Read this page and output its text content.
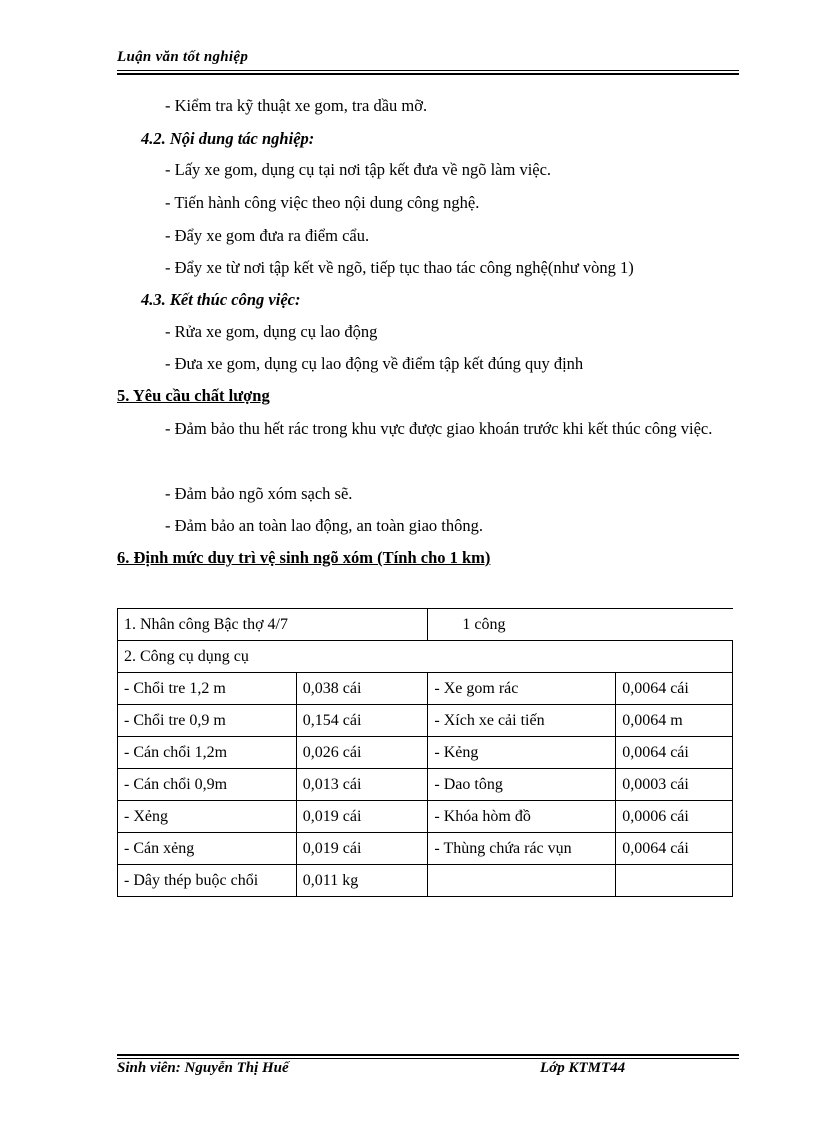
Luận văn tốt nghiệp
- Kiểm tra kỹ thuật xe gom, tra dầu mỡ.
4.2. Nội dung tác nghiệp:
- Lấy xe gom, dụng cụ tại nơi tập kết đưa về ngõ làm việc.
- Tiến hành công việc theo nội dung công nghệ.
- Đẩy xe gom đưa ra điểm cẩu.
- Đẩy xe từ nơi tập kết về ngõ, tiếp tục thao tác công nghệ(như vòng 1)
4.3. Kết thúc công việc:
- Rửa xe gom, dụng cụ lao động
- Đưa xe gom, dụng cụ lao động về điểm tập kết đúng quy định
5. Yêu cầu chất lượng
- Đảm bảo thu hết rác trong khu vực được giao khoán trước khi kết thúc công việc.
- Đảm bảo ngõ xóm sạch sẽ.
- Đảm bảo an toàn lao động, an toàn giao thông.
6. Định mức duy trì vệ sinh ngõ xóm (Tính cho 1 km)
1. Nhân công Bậc thợ 4/7		1 công	
2. Công cụ dụng cụ			
- Chổi tre 1,2 m	0,038 cái	- Xe gom rác	0,0064 cái
- Chổi tre 0,9 m	0,154 cái	- Xích xe cải tiến	0,0064 m
- Cán chổi 1,2m	0,026 cái	- Kẻng	0,0064 cái
- Cán chổi 0,9m	0,013 cái	- Dao tông	0,0003 cái
- Xẻng	0,019 cái	- Khóa hòm đồ	0,0006 cái
- Cán xẻng	0,019 cái	- Thùng chứa rác vụn	0,0064 cái
- Dây thép buộc chổi	0,011 kg		
Sinh viên: Nguyễn Thị Huế	Lớp KTMT44
